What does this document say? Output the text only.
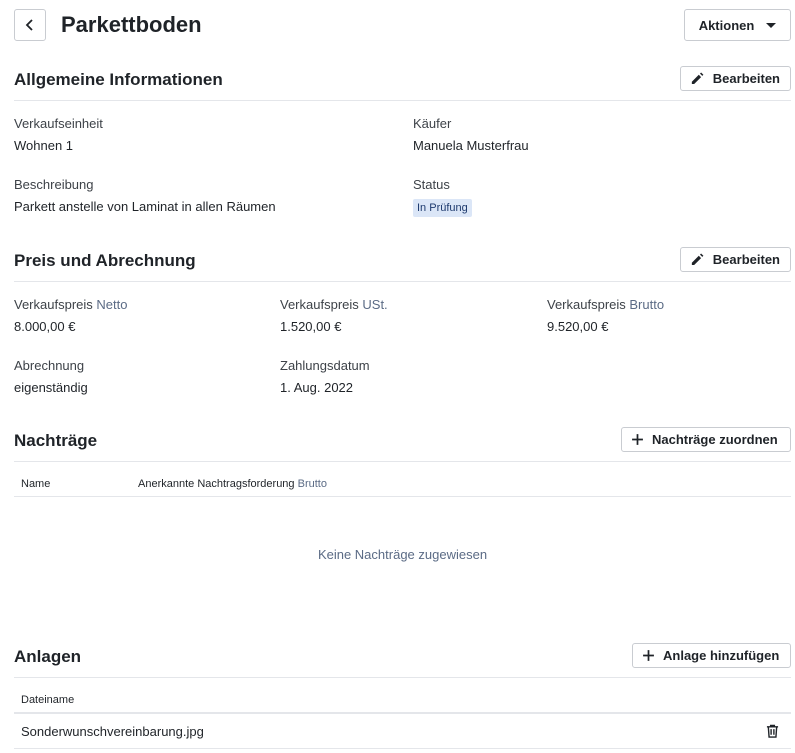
Parkettboden	Aktionen
Allgemeine Informationen	Bearbeiten
Verkaufseinheit
Wohnen 1
Käufer
Manuela Musterfrau
Beschreibung
Parkett anstelle von Laminat in allen Räumen
Status
In Prüfung
Preis und Abrechnung	Bearbeiten
Verkaufspreis Netto
8.000,00 €
Verkaufspreis USt.
1.520,00 €
Verkaufspreis Brutto
9.520,00 €
Abrechnung
eigenständig
Zahlungsdatum
1. Aug. 2022
Nachträge	Nachträge zuordnen
Name	Anerkannte Nachtragsforderung Brutto
Keine Nachträge zugewiesen
Anlagen	Anlage hinzufügen
Dateiname
Sonderwunschvereinbarung.jpg
